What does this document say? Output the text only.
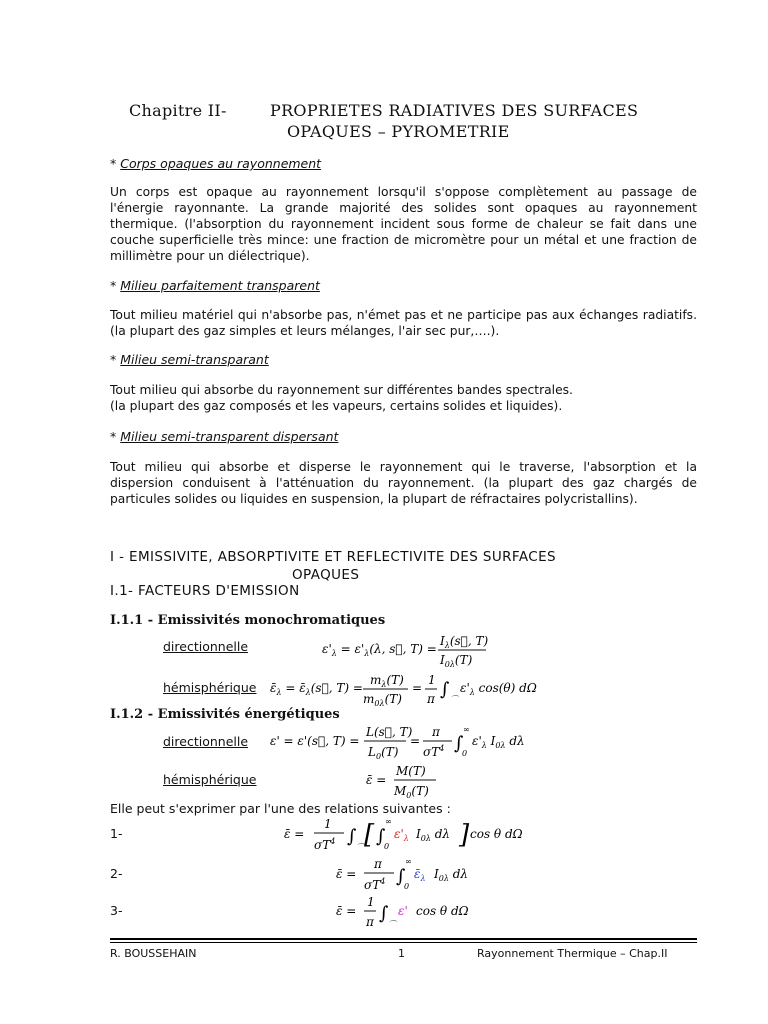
Chapitre II-	PROPRIETES RADIATIVES DES SURFACES
OPAQUES – PYROMETRIE
* Corps opaques au rayonnement
Un corps est opaque au rayonnement lorsqu'il s'oppose complètement au passage de l'énergie rayonnante. La grande majorité des solides sont opaques au rayonnement thermique. (l'absorption du rayonnement incident sous forme de chaleur se fait dans une couche superficielle très mince: une fraction de micromètre pour un métal et une fraction de millimètre pour un diélectrique).
* Milieu parfaitement transparent
Tout milieu matériel qui n'absorbe pas, n'émet pas et ne participe pas aux échanges radiatifs. (la plupart des gaz simples et leurs mélanges, l'air sec pur,….).
* Milieu semi-transparant
Tout milieu qui absorbe du rayonnement sur différentes bandes spectrales.
(la plupart des gaz composés et les vapeurs, certains solides et liquides).
* Milieu semi-transparent dispersant
Tout milieu qui absorbe et disperse le rayonnement qui le traverse, l'absorption et la dispersion conduisent à l'atténuation du rayonnement. (la plupart des gaz chargés de particules solides ou liquides en suspension, la plupart de réfractaires polycristallins).
I - EMISSIVITE, ABSORPTIVITE ET REFLECTIVITE DES SURFACES
OPAQUES
I.1- FACTEURS D'EMISSION
I.1.1 - Emissivités monochromatiques
directionnelle	$\varepsilon'_\lambda = \varepsilon'_\lambda(\lambda$, s⃗, T) =
$I_\lambda(s⃗$, T)
$I_{0\lambda}(T)$
hémisphérique $\varepsilon̄_\lambda$ = $\varepsilon̄_\lambda(s⃗$, T) =
$m_\lambda(T)$
$m_{0\lambda}(T)$
=
1
π ∫ ⌒
$\varepsilon'_\lambda$ cos(θ) dΩ
I.1.2 - Emissivités énergétiques
directionnelle ε' = ε'(s⃗, T) =
L(s⃗, T)
$L_0(T)$
=
π
$\sigma T^4$ ∫
∞
0
$\varepsilon'_\lambda$ $I_{0\lambda}$ dλ
hémisphérique	ε̄ =
M(T)
$M_0(T)$
Elle peut s'exprimer par l'une des relations suivantes :
1-	ε̄ =
1
$\sigma T^4$ ∫
⌒ [ ∫
∞
0
$\varepsilon'_\lambda$ $I_{0\lambda}$ dλ ] cos θ dΩ
2-	ε̄ =
π
$\sigma T^4$ ∫
∞
0
$\varepsilon̄_\lambda$ $I_{0\lambda}$ dλ
3-	ε̄ =
1
π ∫
⌒
ε' cos θ dΩ
R. BOUSSEHAIN	1	Rayonnement Thermique – Chap.II
